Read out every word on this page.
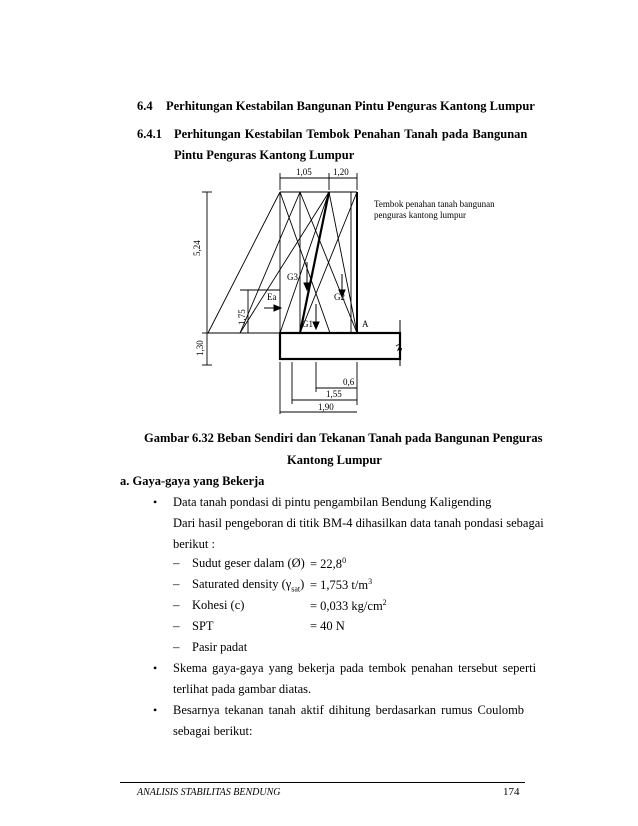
6.4 Perhitungan Kestabilan Bangunan Pintu Penguras Kantong Lumpur
6.4.1 Perhitungan Kestabilan Tembok Penahan Tanah pada Bangunan
Pintu Penguras Kantong Lumpur
1,05 1,20
5,24
1,75
1,30
G3
G2
G1
Ea
A
0,6
1,55
1,90
Tembok penahan tanah bangunan
penguras kantong lumpur
Gambar 6.32 Beban Sendiri dan Tekanan Tanah pada Bangunan Penguras
Kantong Lumpur
a. Gaya-gaya yang Bekerja
• Data tanah pondasi di pintu pengambilan Bendung Kaligending
Dari hasil pengeboran di titik BM-4 dihasilkan data tanah pondasi sebagai
berikut :
– Sudut geser dalam (Ø) = $22,8^0$
– Saturated density $(\gamma_{sat}) = 1,753$ $t/m^3$
– Kohesi (c)	= 0,033 $kg/cm^2$
– SPT	= 40 N
– Pasir padat
• Skema gaya-gaya yang bekerja pada tembok penahan tersebut seperti
terlihat pada gambar diatas.
• Besarnya tekanan tanah aktif dihitung berdasarkan rumus Coulomb
sebagai berikut:
ANALISIS STABILITAS BENDUNG	174
